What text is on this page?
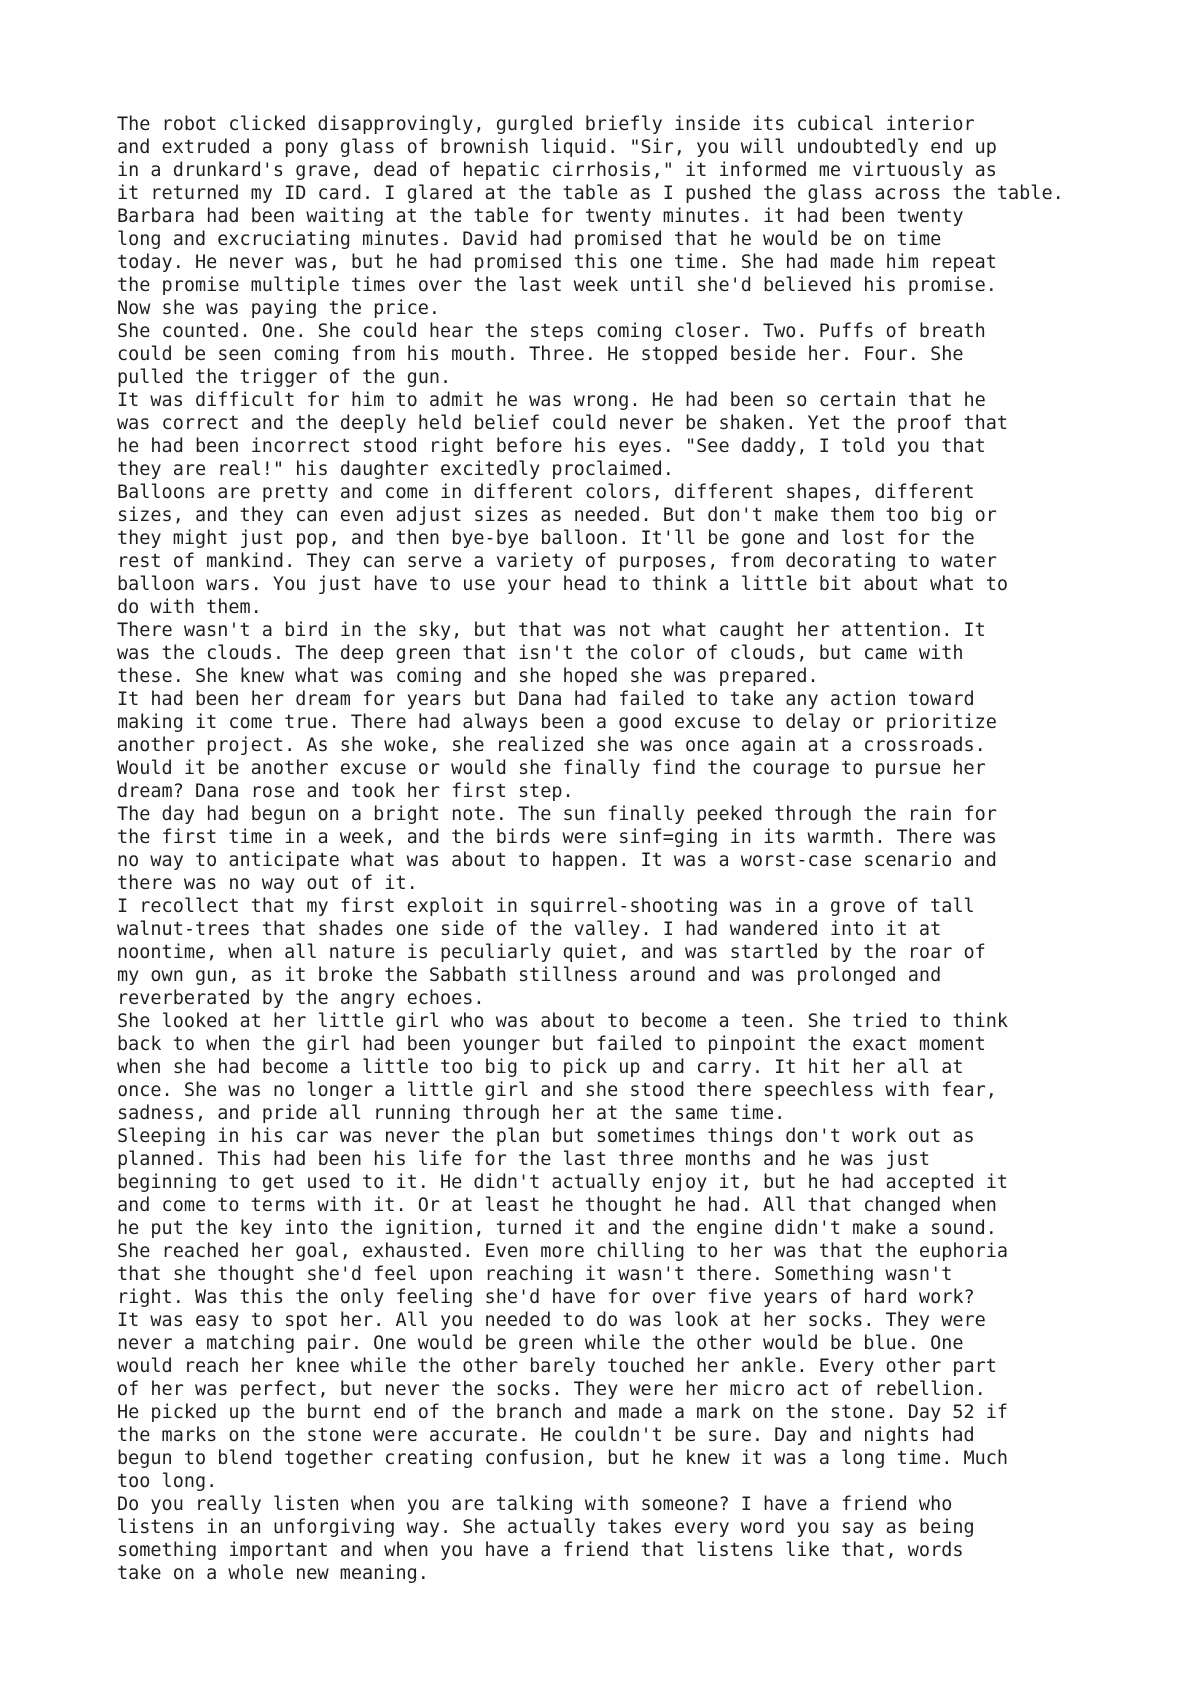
The robot clicked disapprovingly, gurgled briefly inside its cubical interior
and extruded a pony glass of brownish liquid. "Sir, you will undoubtedly end up
in a drunkard's grave, dead of hepatic cirrhosis," it informed me virtuously as
it returned my ID card. I glared at the table as I pushed the glass across the table.
Barbara had been waiting at the table for twenty minutes. it had been twenty
long and excruciating minutes. David had promised that he would be on time
today. He never was, but he had promised this one time. She had made him repeat
the promise multiple times over the last week until she'd believed his promise.
Now she was paying the price.
She counted. One. She could hear the steps coming closer. Two. Puffs of breath
could be seen coming from his mouth. Three. He stopped beside her. Four. She
pulled the trigger of the gun.
It was difficult for him to admit he was wrong. He had been so certain that he
was correct and the deeply held belief could never be shaken. Yet the proof that
he had been incorrect stood right before his eyes. "See daddy, I told you that
they are real!" his daughter excitedly proclaimed.
Balloons are pretty and come in different colors, different shapes, different
sizes, and they can even adjust sizes as needed. But don't make them too big or
they might just pop, and then bye-bye balloon. It'll be gone and lost for the
rest of mankind. They can serve a variety of purposes, from decorating to water
balloon wars. You just have to use your head to think a little bit about what to
do with them.
There wasn't a bird in the sky, but that was not what caught her attention. It
was the clouds. The deep green that isn't the color of clouds, but came with
these. She knew what was coming and she hoped she was prepared.
It had been her dream for years but Dana had failed to take any action toward
making it come true. There had always been a good excuse to delay or prioritize
another project. As she woke, she realized she was once again at a crossroads.
Would it be another excuse or would she finally find the courage to pursue her
dream? Dana rose and took her first step.
The day had begun on a bright note. The sun finally peeked through the rain for
the first time in a week, and the birds were sinf=ging in its warmth. There was
no way to anticipate what was about to happen. It was a worst-case scenario and
there was no way out of it.
I recollect that my first exploit in squirrel-shooting was in a grove of tall
walnut-trees that shades one side of the valley. I had wandered into it at
noontime, when all nature is peculiarly quiet, and was startled by the roar of
my own gun, as it broke the Sabbath stillness around and was prolonged and
reverberated by the angry echoes.
She looked at her little girl who was about to become a teen. She tried to think
back to when the girl had been younger but failed to pinpoint the exact moment
when she had become a little too big to pick up and carry. It hit her all at
once. She was no longer a little girl and she stood there speechless with fear,
sadness, and pride all running through her at the same time.
Sleeping in his car was never the plan but sometimes things don't work out as
planned. This had been his life for the last three months and he was just
beginning to get used to it. He didn't actually enjoy it, but he had accepted it
and come to terms with it. Or at least he thought he had. All that changed when
he put the key into the ignition, turned it and the engine didn't make a sound.
She reached her goal, exhausted. Even more chilling to her was that the euphoria
that she thought she'd feel upon reaching it wasn't there. Something wasn't
right. Was this the only feeling she'd have for over five years of hard work?
It was easy to spot her. All you needed to do was look at her socks. They were
never a matching pair. One would be green while the other would be blue. One
would reach her knee while the other barely touched her ankle. Every other part
of her was perfect, but never the socks. They were her micro act of rebellion.
He picked up the burnt end of the branch and made a mark on the stone. Day 52 if
the marks on the stone were accurate. He couldn't be sure. Day and nights had
begun to blend together creating confusion, but he knew it was a long time. Much
too long.
Do you really listen when you are talking with someone? I have a friend who
listens in an unforgiving way. She actually takes every word you say as being
something important and when you have a friend that listens like that, words
take on a whole new meaning.
